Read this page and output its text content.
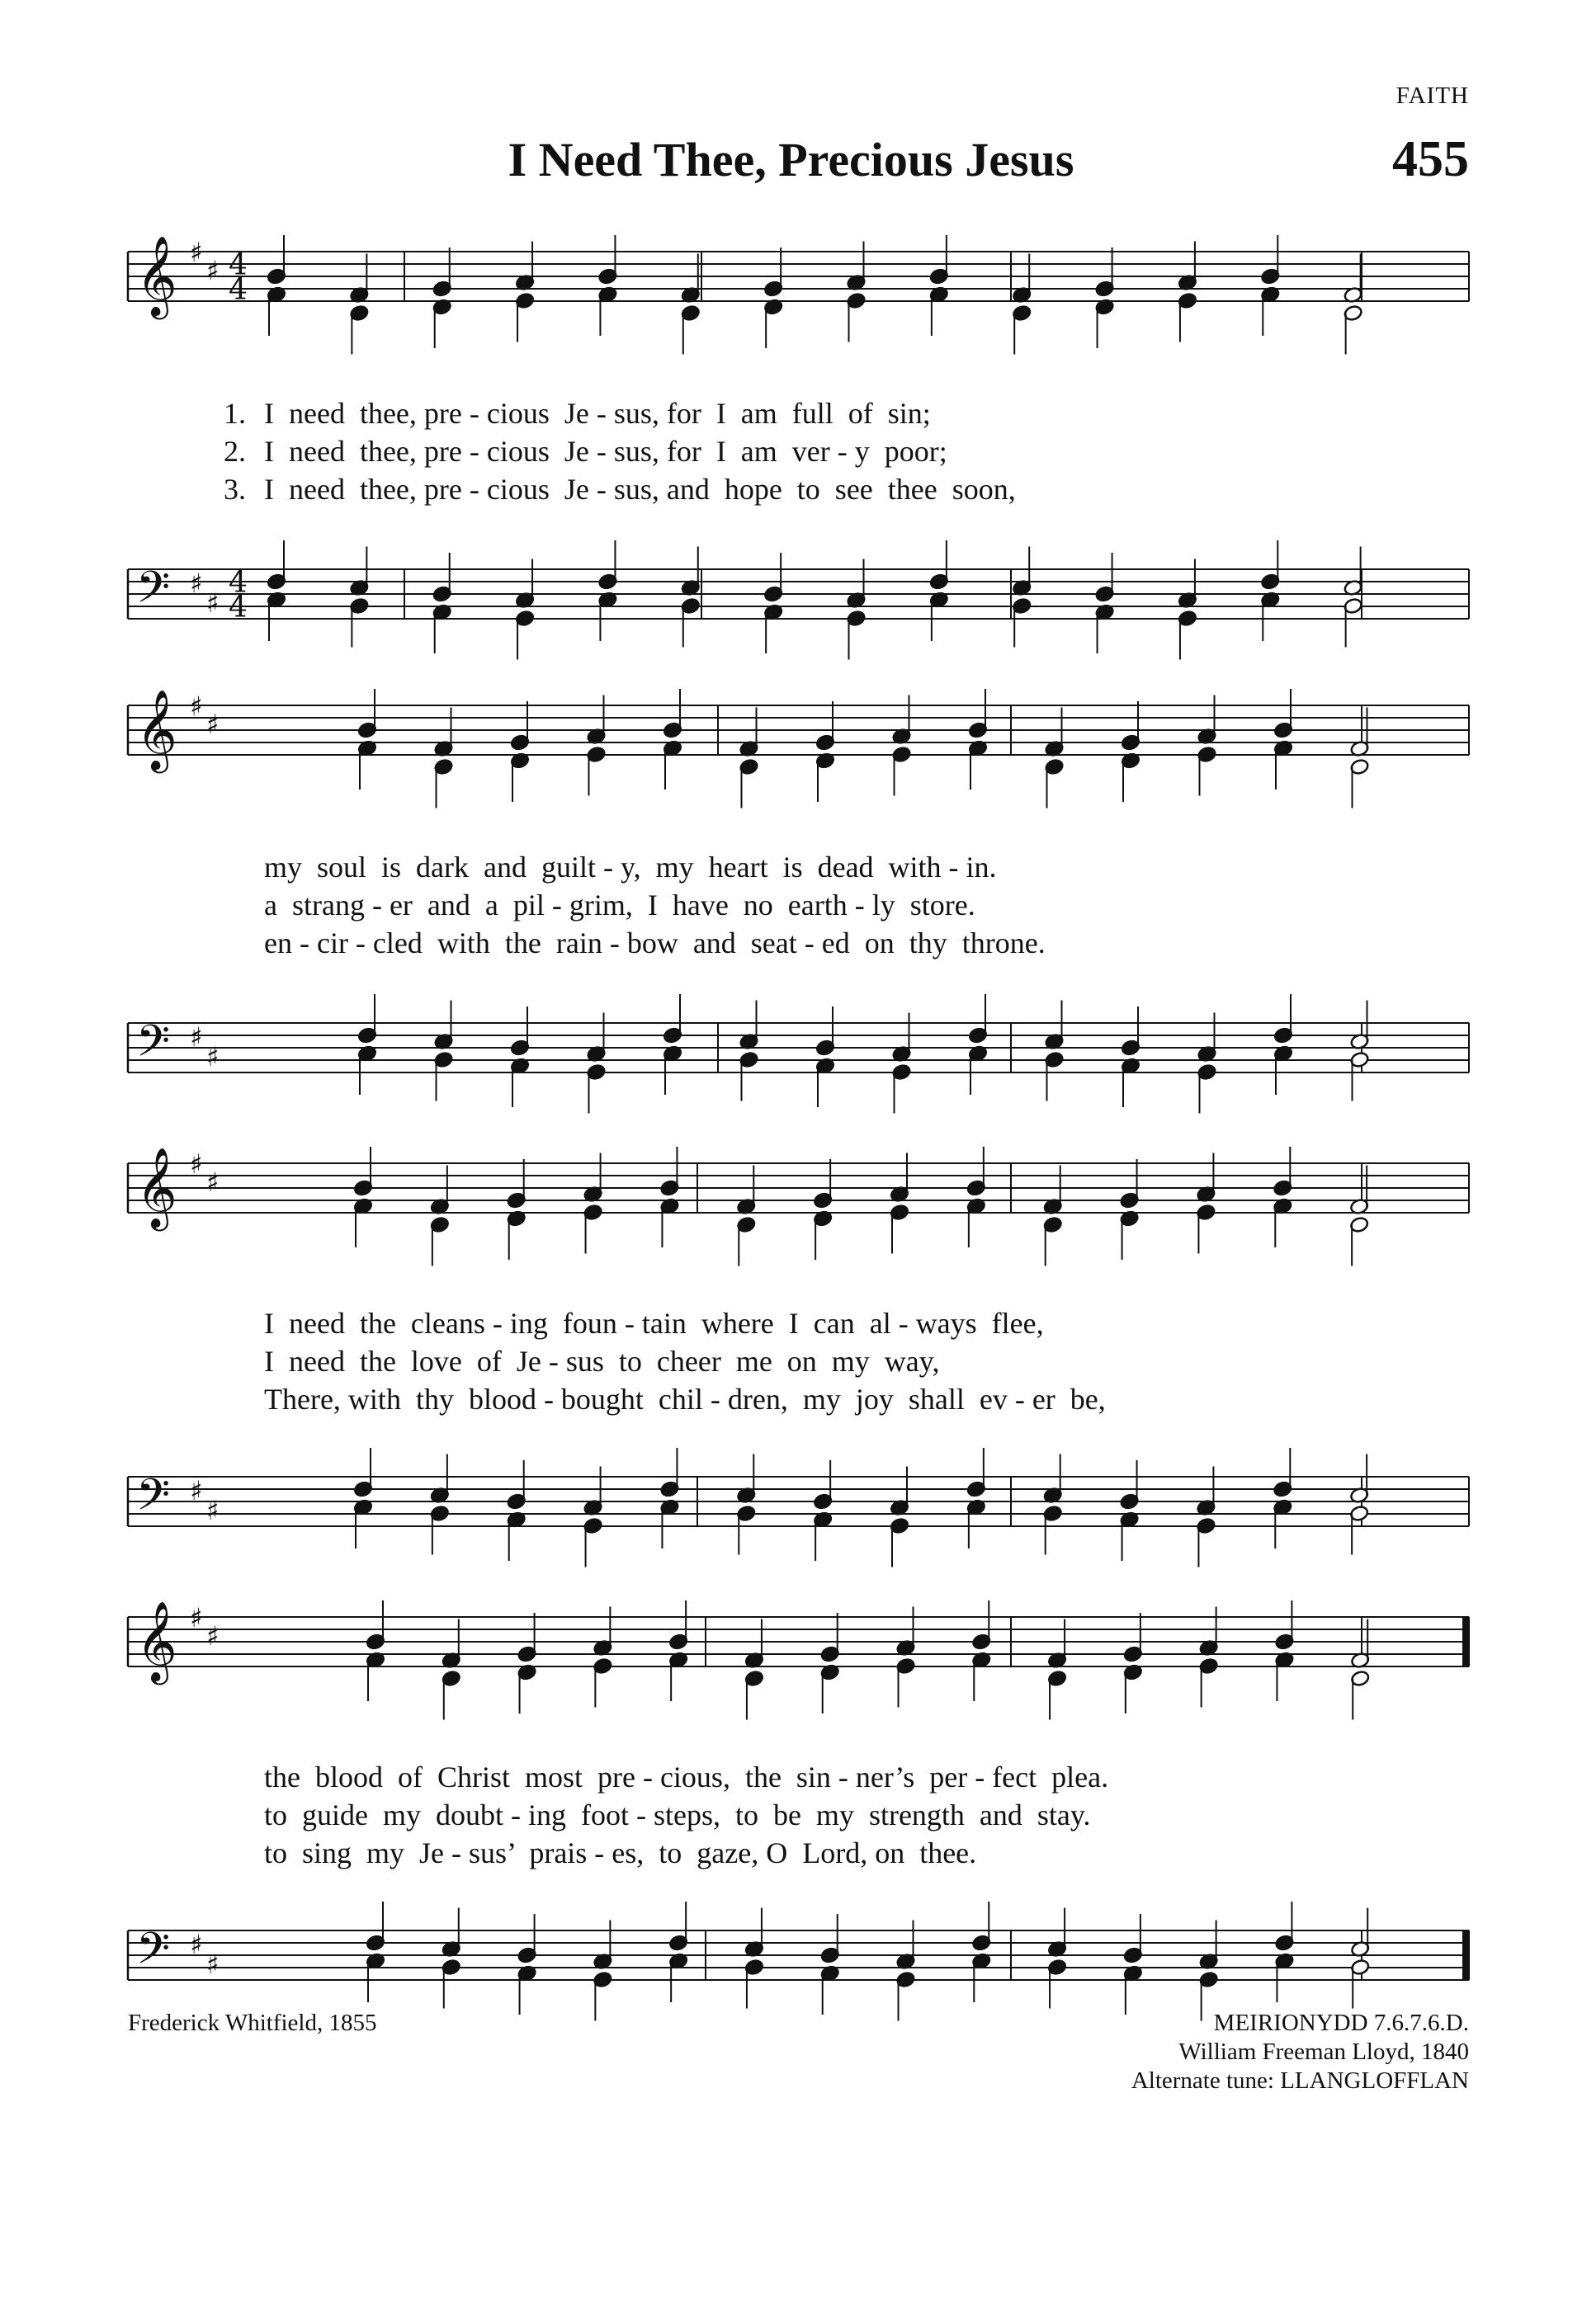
FAITH
I Need Thee, Precious Jesus	455
𝄞
𝄢
♯
♯
♯
♯
4
4
4
4
𝄞
𝄢
♯
♯
♯
♯
𝄞
𝄢
♯
♯
♯
♯
𝄞
𝄢
♯
♯
♯
♯
1. I  need  thee, pre - cious  Je - sus, for  I  am  full  of  sin;
2. I  need  thee, pre - cious  Je - sus, for  I  am  ver - y  poor;
3. I  need  thee, pre - cious  Je - sus, and  hope  to  see  thee  soon,
my  soul  is  dark  and  guilt - y,  my  heart  is  dead  with - in.
a  strang - er  and  a  pil - grim,  I  have  no  earth - ly  store.
en - cir - cled  with  the  rain - bow  and  seat - ed  on  thy  throne.
I  need  the  cleans - ing  foun - tain  where  I  can  al - ways  flee,
I  need  the  love  of  Je - sus  to  cheer  me  on  my  way,
There, with  thy  blood - bought  chil - dren,  my  joy  shall  ev - er  be,
the  blood  of  Christ  most  pre - cious,  the  sin - ner’s  per - fect  plea.
to  guide  my  doubt - ing  foot - steps,  to  be  my  strength  and  stay.
to  sing  my  Je - sus’  prais - es,  to  gaze, O  Lord, on  thee.
Frederick Whitfield, 1855	MEIRIONYDD 7.6.7.6.D.
William Freeman Lloyd, 1840
Alternate tune: LLANGLOFFLAN
